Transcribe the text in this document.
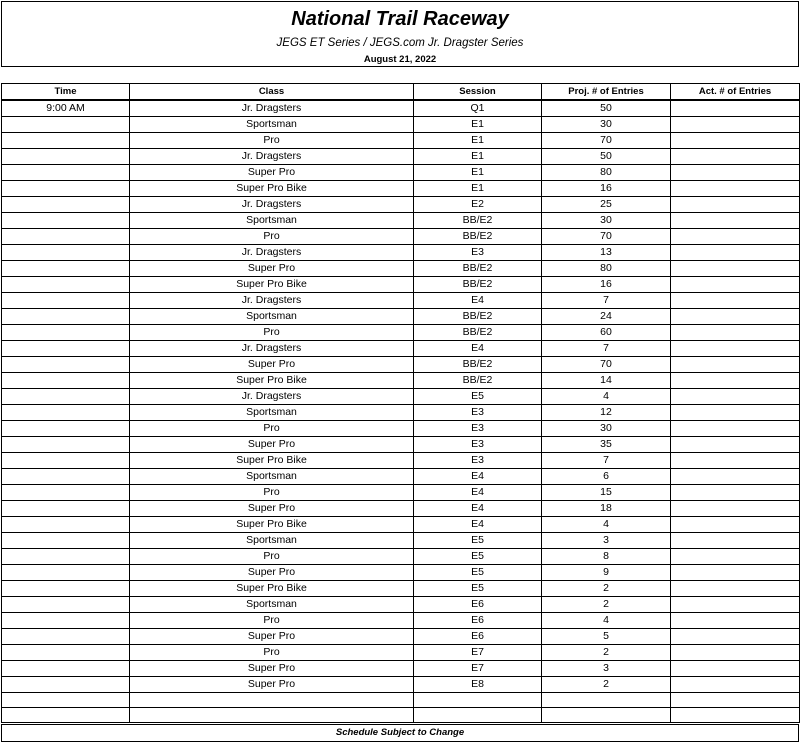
National Trail Raceway
JEGS ET Series / JEGS.com Jr. Dragster Series
August 21, 2022
Time	Class	Session	Proj. # of Entries	Act. # of Entries
9:00 AM	Jr. Dragsters	Q1	50	
	Sportsman	E1	30	
	Pro	E1	70	
	Jr. Dragsters	E1	50	
	Super Pro	E1	80	
	Super Pro Bike	E1	16	
	Jr. Dragsters	E2	25	
	Sportsman	BB/E2	30	
	Pro	BB/E2	70	
	Jr. Dragsters	E3	13	
	Super Pro	BB/E2	80	
	Super Pro Bike	BB/E2	16	
	Jr. Dragsters	E4	7	
	Sportsman	BB/E2	24	
	Pro	BB/E2	60	
	Jr. Dragsters	E4	7	
	Super Pro	BB/E2	70	
	Super Pro Bike	BB/E2	14	
	Jr. Dragsters	E5	4	
	Sportsman	E3	12	
	Pro	E3	30	
	Super Pro	E3	35	
	Super Pro Bike	E3	7	
	Sportsman	E4	6	
	Pro	E4	15	
	Super Pro	E4	18	
	Super Pro Bike	E4	4	
	Sportsman	E5	3	
	Pro	E5	8	
	Super Pro	E5	9	
	Super Pro Bike	E5	2	
	Sportsman	E6	2	
	Pro	E6	4	
	Super Pro	E6	5	
	Pro	E7	2	
	Super Pro	E7	3	
	Super Pro	E8	2	

Schedule Subject to Change
